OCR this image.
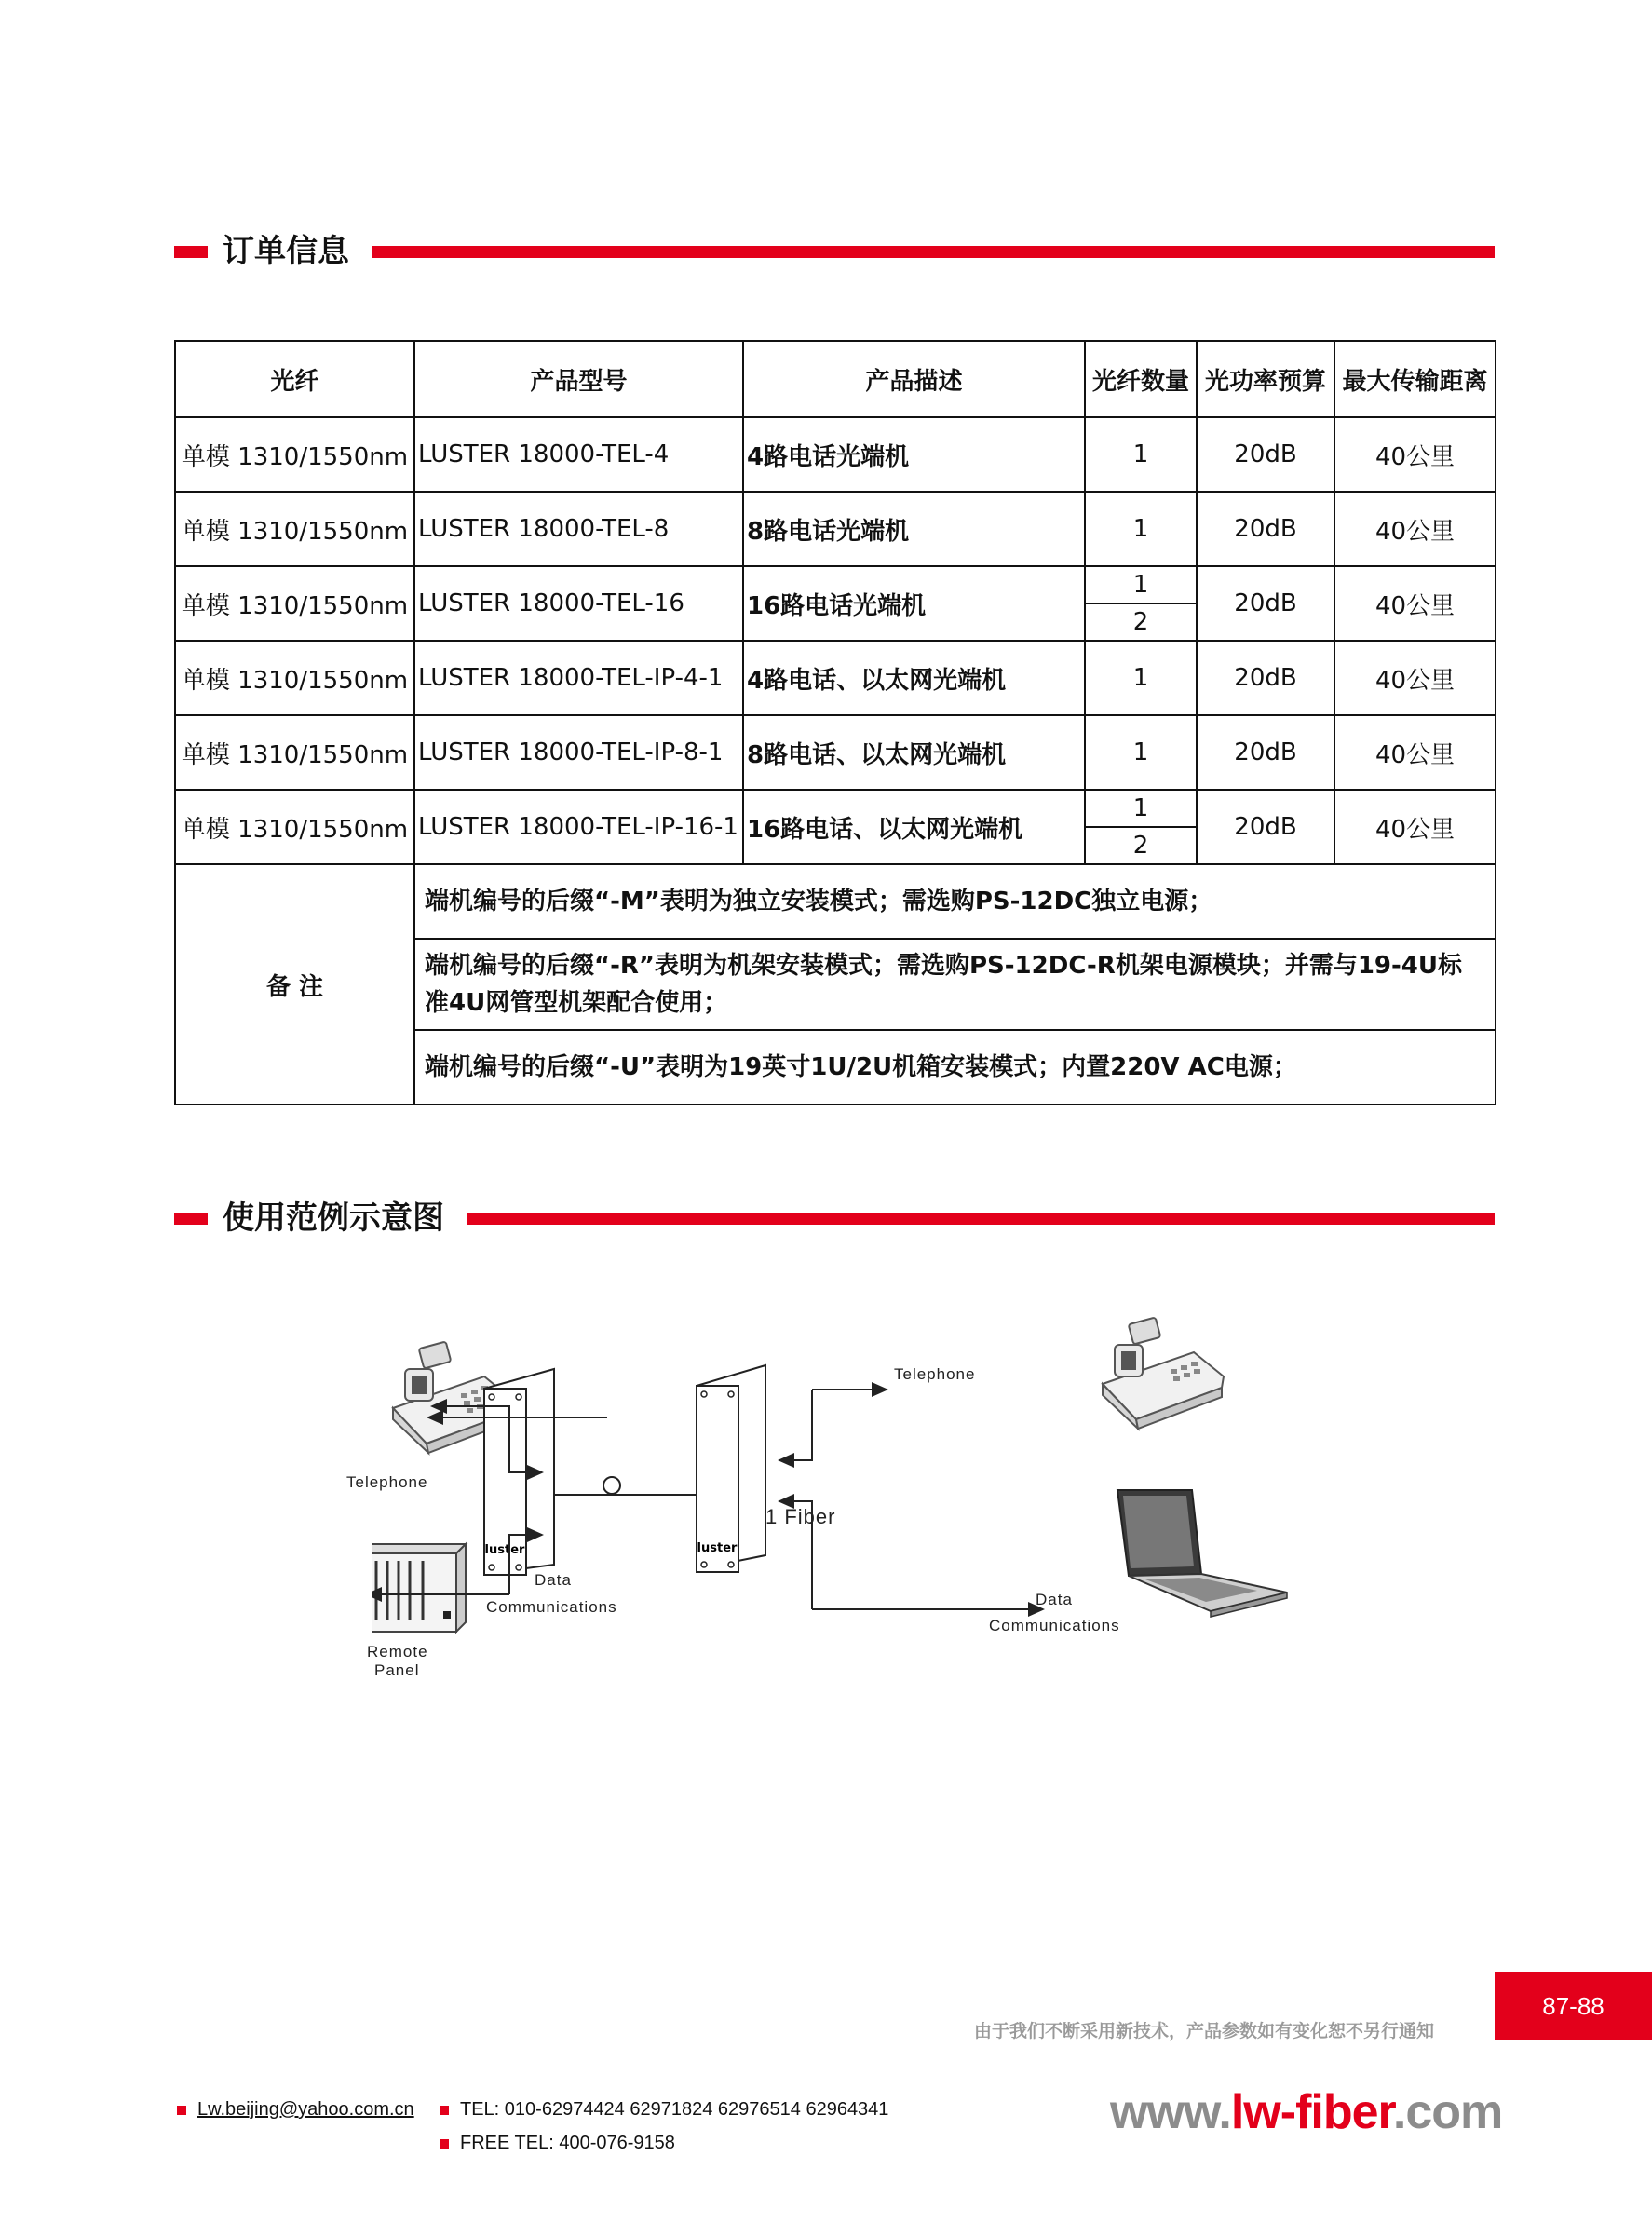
订单信息
光纤	产品型号	产品描述	光纤数量	光功率预算	最大传输距离
单模 1310/1550nm	LUSTER 18000-TEL-4	4路电话光端机	1	20dB	40公里
单模 1310/1550nm	LUSTER 18000-TEL-8	8路电话光端机	1	20dB	40公里
单模 1310/1550nm	LUSTER 18000-TEL-16	16路电话光端机	1	20dB	40公里
			2		
单模 1310/1550nm	LUSTER 18000-TEL-IP-4-1	4路电话、以太网光端机	1	20dB	40公里
单模 1310/1550nm	LUSTER 18000-TEL-IP-8-1	8路电话、以太网光端机	1	20dB	40公里
单模 1310/1550nm	LUSTER 18000-TEL-IP-16-1	16路电话、以太网光端机	1	20dB	40公里
			2		
备 注	端机编号的后缀“-M”表明为独立安装模式；需选购PS-12DC独立电源；				
	端机编号的后缀“-R”表明为机架安装模式；需选购PS-12DC-R机架电源模块；并需与19-4U标准4U网管型机架配合使用；				
	端机编号的后缀“-U”表明为19英寸1U/2U机箱安装模式；内置220V AC电源；				
使用范例示意图
luster	luster
Telephone
Telephone
1 Fiber
Data
Communications	Data
Communications
Remote
Panel
87-88
由于我们不断采用新技术，产品参数如有变化恕不另行通知
Lw.beijing@yahoo.com.cn	TEL: 010-62974424 62971824 62976514 62964341
FREE TEL: 400-076-9158
www.lw-fiber.com
